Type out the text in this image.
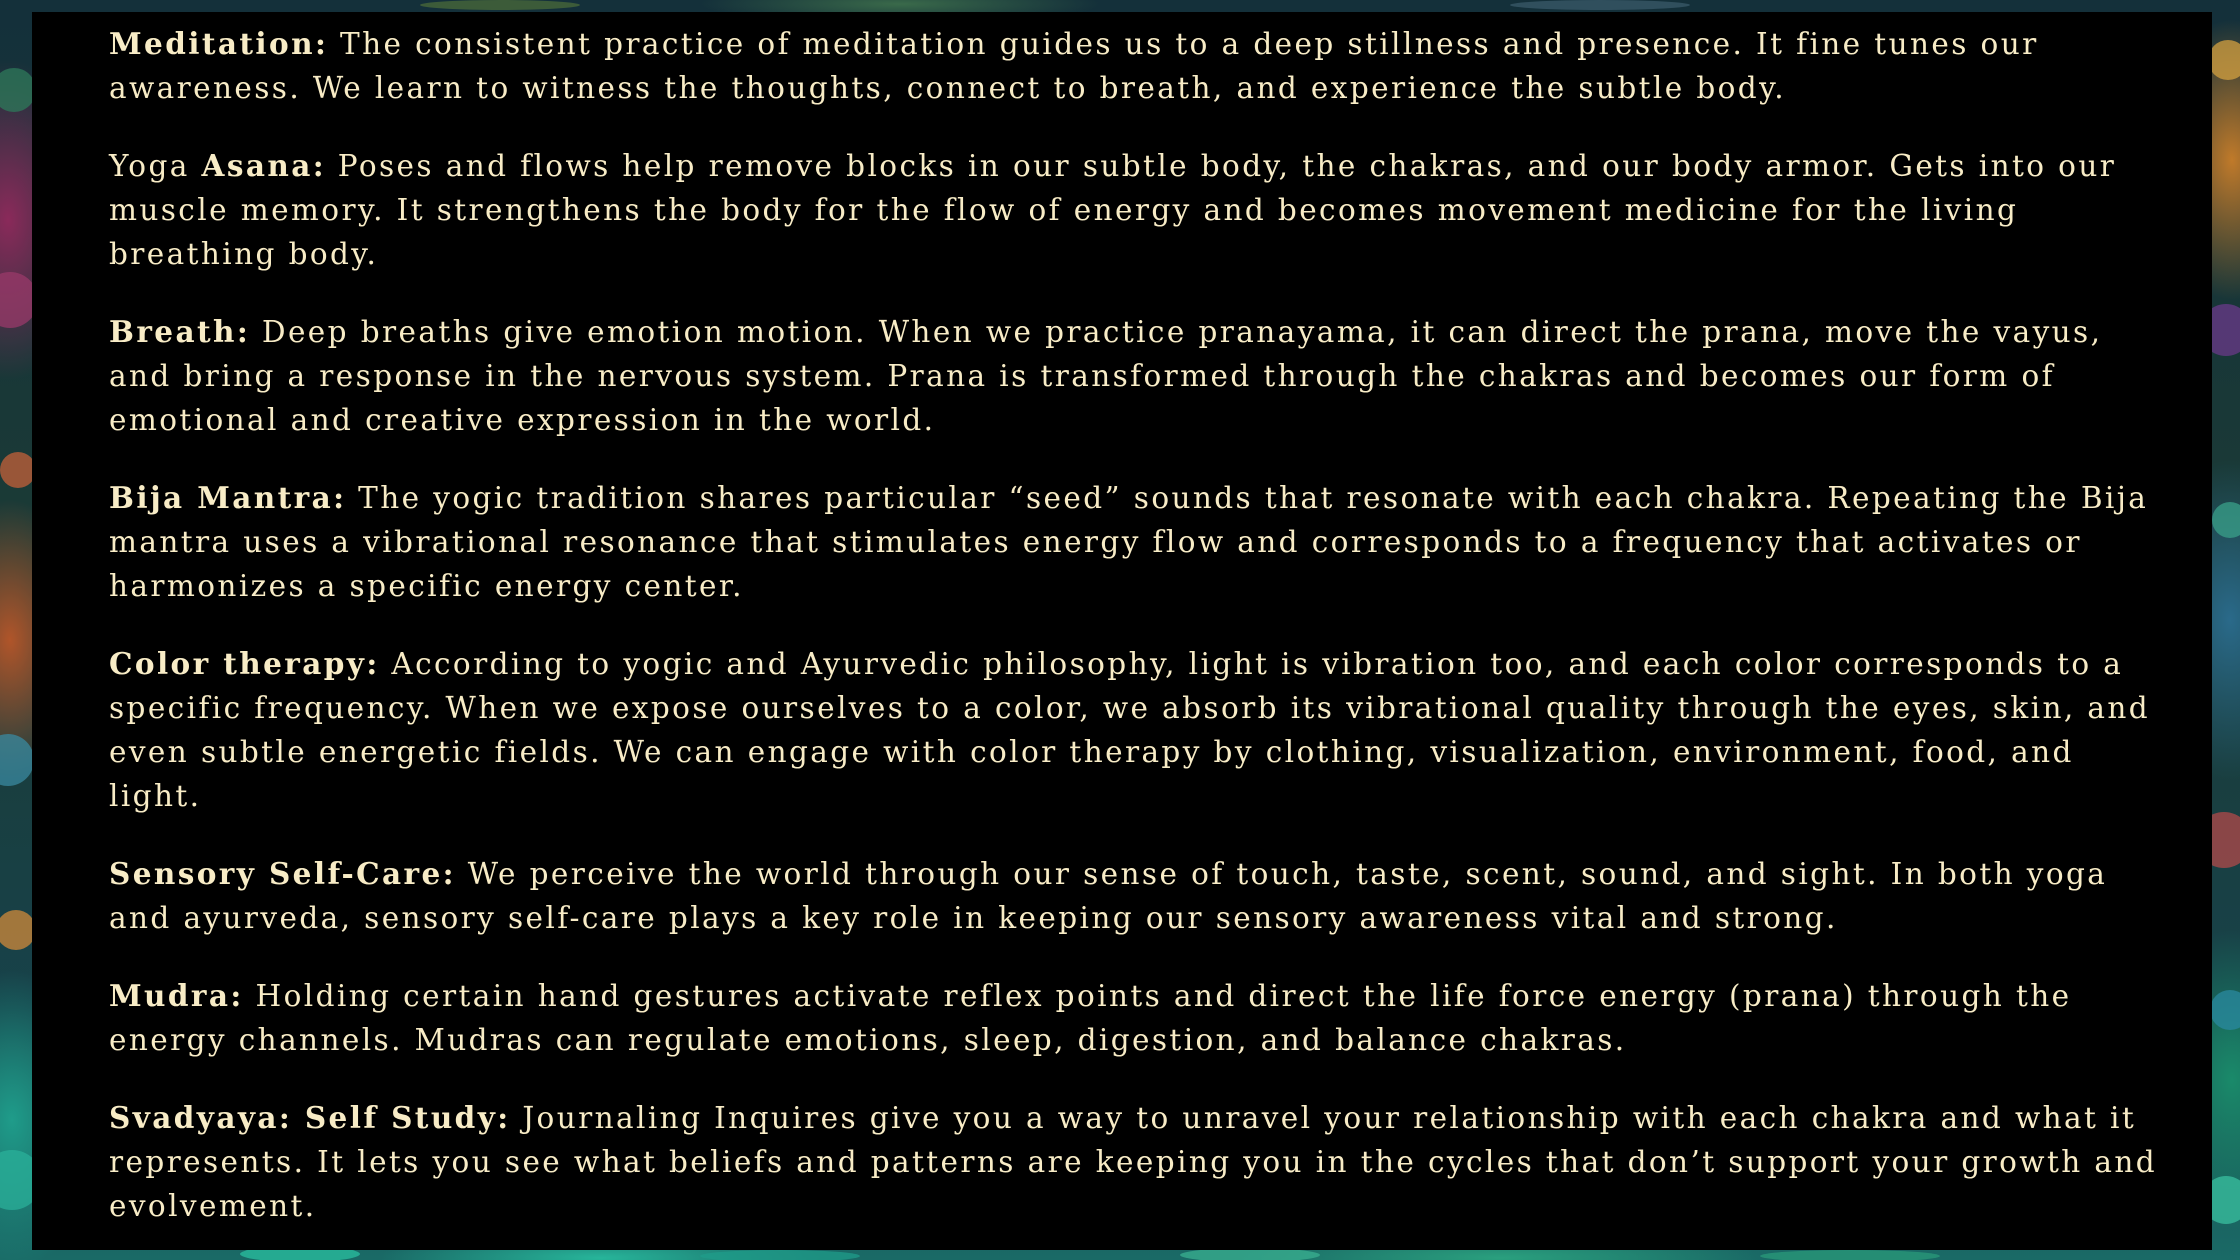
Meditation: The consistent practice of meditation guides us to a deep stillness and presence. It fine tunes our awareness. We learn to witness the thoughts, connect to breath, and experience the subtle body.

Yoga Asana: Poses and flows help remove blocks in our subtle body, the chakras, and our body armor. Gets into our muscle memory. It strengthens the body for the flow of energy and becomes movement medicine for the living breathing body.

Breath: Deep breaths give emotion motion. When we practice pranayama, it can direct the prana, move the vayus, and bring a response in the nervous system. Prana is transformed through the chakras and becomes our form of emotional and creative expression in the world.

Bija Mantra: The yogic tradition shares particular “seed” sounds that resonate with each chakra. Repeating the Bija mantra uses a vibrational resonance that stimulates energy flow and corresponds to a frequency that activates or harmonizes a specific energy center.

Color therapy: According to yogic and Ayurvedic philosophy, light is vibration too, and each color corresponds to a specific frequency. When we expose ourselves to a color, we absorb its vibrational quality through the eyes, skin, and even subtle energetic fields. We can engage with color therapy by clothing, visualization, environment, food, and light.

Sensory Self-Care: We perceive the world through our sense of touch, taste, scent, sound, and sight. In both yoga and ayurveda, sensory self-care plays a key role in keeping our sensory awareness vital and strong.

Mudra: Holding certain hand gestures activate reflex points and direct the life force energy (prana) through the energy channels. Mudras can regulate emotions, sleep, digestion, and balance chakras.

Svadyaya: Self Study: Journaling Inquires give you a way to unravel your relationship with each chakra and what it represents. It lets you see what beliefs and patterns are keeping you in the cycles that don’t support your growth and evolvement.
